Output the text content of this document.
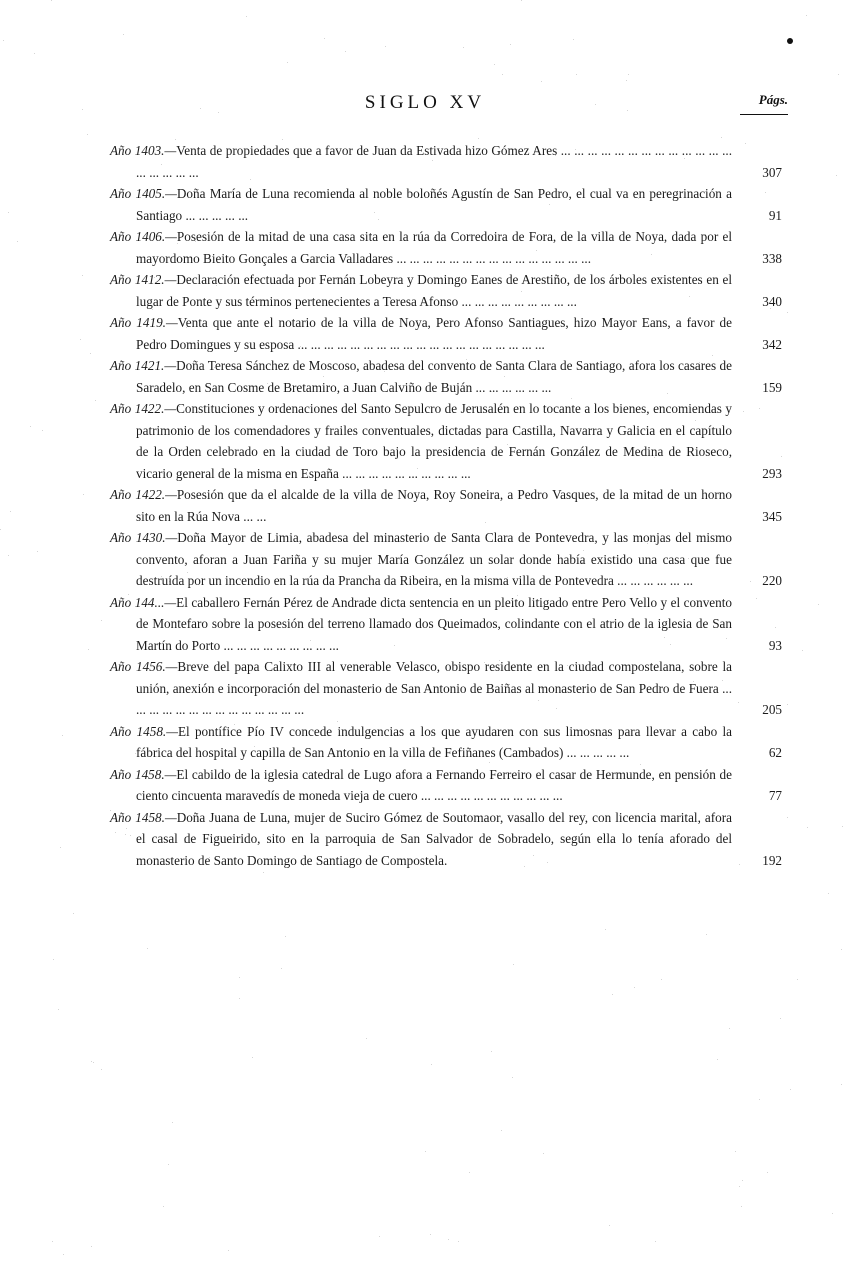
SIGLO XV	Págs.
Año 1403.—Venta de propiedades que a favor de Juan da Estivada hizo Gómez Ares ... ... ... ... ... ... ... ... ... ... ... ... ... ... ... ... ... ...	307
Año 1405.—Doña María de Luna recomienda al noble boloñés Agustín de San Pedro, el cual va en peregrinación a Santiago ... ... ... ... ...	91
Año 1406.—Posesión de la mitad de una casa sita en la rúa da Corredoira de Fora, de la villa de Noya, dada por el mayordomo Bieito Gonçales a Garcia Valladares ... ... ... ... ... ... ... ... ... ... ... ... ... ... ...	338
Año 1412.—Declaración efectuada por Fernán Lobeyra y Domingo Eanes de Arestiño, de los árboles existentes en el lugar de Ponte y sus términos pertenecientes a Teresa Afonso ... ... ... ... ... ... ... ... ...	340
Año 1419.—Venta que ante el notario de la villa de Noya, Pero Afonso Santiagues, hizo Mayor Eans, a favor de Pedro Domingues y su esposa ... ... ... ... ... ... ... ... ... ... ... ... ... ... ... ... ... ... ...	342
Año 1421.—Doña Teresa Sánchez de Moscoso, abadesa del convento de Santa Clara de Santiago, afora los casares de Saradelo, en San Cosme de Bretamiro, a Juan Calviño de Buján ... ... ... ... ... ...	159
Año 1422.—Constituciones y ordenaciones del Santo Sepulcro de Jerusalén en lo tocante a los bienes, encomiendas y patrimonio de los comendadores y frailes conventuales, dictadas para Castilla, Navarra y Galicia en el capítulo de la Orden celebrado en la ciudad de Toro bajo la presidencia de Fernán González de Medina de Rioseco, vicario general de la misma en España ... ... ... ... ... ... ... ... ... ...	293
Año 1422.—Posesión que da el alcalde de la villa de Noya, Roy Soneira, a Pedro Vasques, de la mitad de un horno sito en la Rúa Nova ... ...	345
Año 1430.—Doña Mayor de Limia, abadesa del minasterio de Santa Clara de Pontevedra, y las monjas del mismo convento, aforan a Juan Fariña y su mujer María González un solar donde había existido una casa que fue destruída por un incendio en la rúa da Prancha da Ribeira, en la misma villa de Pontevedra ... ... ... ... ... ...	220
Año 144...—El caballero Fernán Pérez de Andrade dicta sentencia en un pleito litigado entre Pero Vello y el convento de Montefaro sobre la posesión del terreno llamado dos Queimados, colindante con el atrio de la iglesia de San Martín do Porto ... ... ... ... ... ... ... ... ...	93
Año 1456.—Breve del papa Calixto III al venerable Velasco, obispo residente en la ciudad compostelana, sobre la unión, anexión e incorporación del monasterio de San Antonio de Baiñas al monasterio de San Pedro de Fuera ... ... ... ... ... ... ... ... ... ... ... ... ... ...	205
Año 1458.—El pontífice Pío IV concede indulgencias a los que ayudaren con sus limosnas para llevar a cabo la fábrica del hospital y capilla de San Antonio en la villa de Fefiñanes (Cambados) ... ... ... ... ...	62
Año 1458.—El cabildo de la iglesia catedral de Lugo afora a Fernando Ferreiro el casar de Hermunde, en pensión de ciento cincuenta maravedís de moneda vieja de cuero ... ... ... ... ... ... ... ... ... ... ...	77
Año 1458.—Doña Juana de Luna, mujer de Suciro Gómez de Soutomaor, vasallo del rey, con licencia marital, afora el casal de Figueirido, sito en la parroquia de San Salvador de Sobradelo, según ella lo tenía aforado del monasterio de Santo Domingo de Santiago de Compostela.	192
